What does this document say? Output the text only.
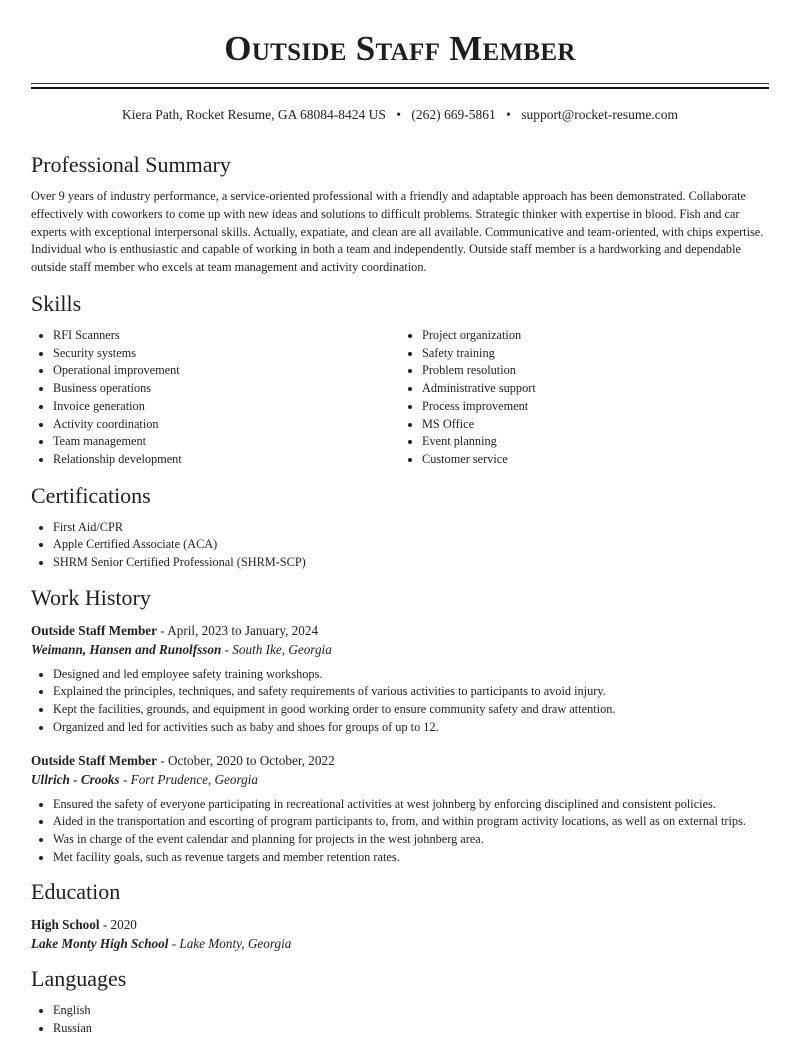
Outside Staff Member
Kiera Path, Rocket Resume, GA 68084-8424 US • (262) 669-5861 • support@rocket-resume.com
Professional Summary

Over 9 years of industry performance, a service-oriented professional with a friendly and adaptable approach has been demonstrated. Collaborate effectively with coworkers to come up with new ideas and solutions to difficult problems. Strategic thinker with expertise in blood. Fish and car experts with exceptional interpersonal skills. Actually, expatiate, and clean are all available. Communicative and team-oriented, with chips expertise. Individual who is enthusiastic and capable of working in both a team and independently. Outside staff member is a hardworking and dependable outside staff member who excels at team management and activity coordination.

Skills
• RFI Scanners
• Security systems
• Operational improvement
• Business operations
• Invoice generation
• Activity coordination
• Team management
• Relationship development
• Project organization
• Safety training
• Problem resolution
• Administrative support
• Process improvement
• MS Office
• Event planning
• Customer service
Certifications
• First Aid/CPR
• Apple Certified Associate (ACA)
• SHRM Senior Certified Professional (SHRM-SCP)
Work History
Outside Staff Member - April, 2023 to January, 2024
Weimann, Hansen and Runolfsson - South Ike, Georgia
• Designed and led employee safety training workshops.
• Explained the principles, techniques, and safety requirements of various activities to participants to avoid injury.
• Kept the facilities, grounds, and equipment in good working order to ensure community safety and draw attention.
• Organized and led for activities such as baby and shoes for groups of up to 12.
Outside Staff Member - October, 2020 to October, 2022
Ullrich - Crooks - Fort Prudence, Georgia
• Ensured the safety of everyone participating in recreational activities at west johnberg by enforcing disciplined and consistent policies.
• Aided in the transportation and escorting of program participants to, from, and within program activity locations, as well as on external trips.
• Was in charge of the event calendar and planning for projects in the west johnberg area.
• Met facility goals, such as revenue targets and member retention rates.
Education
High School - 2020
Lake Monty High School - Lake Monty, Georgia
Languages
• English
• Russian
